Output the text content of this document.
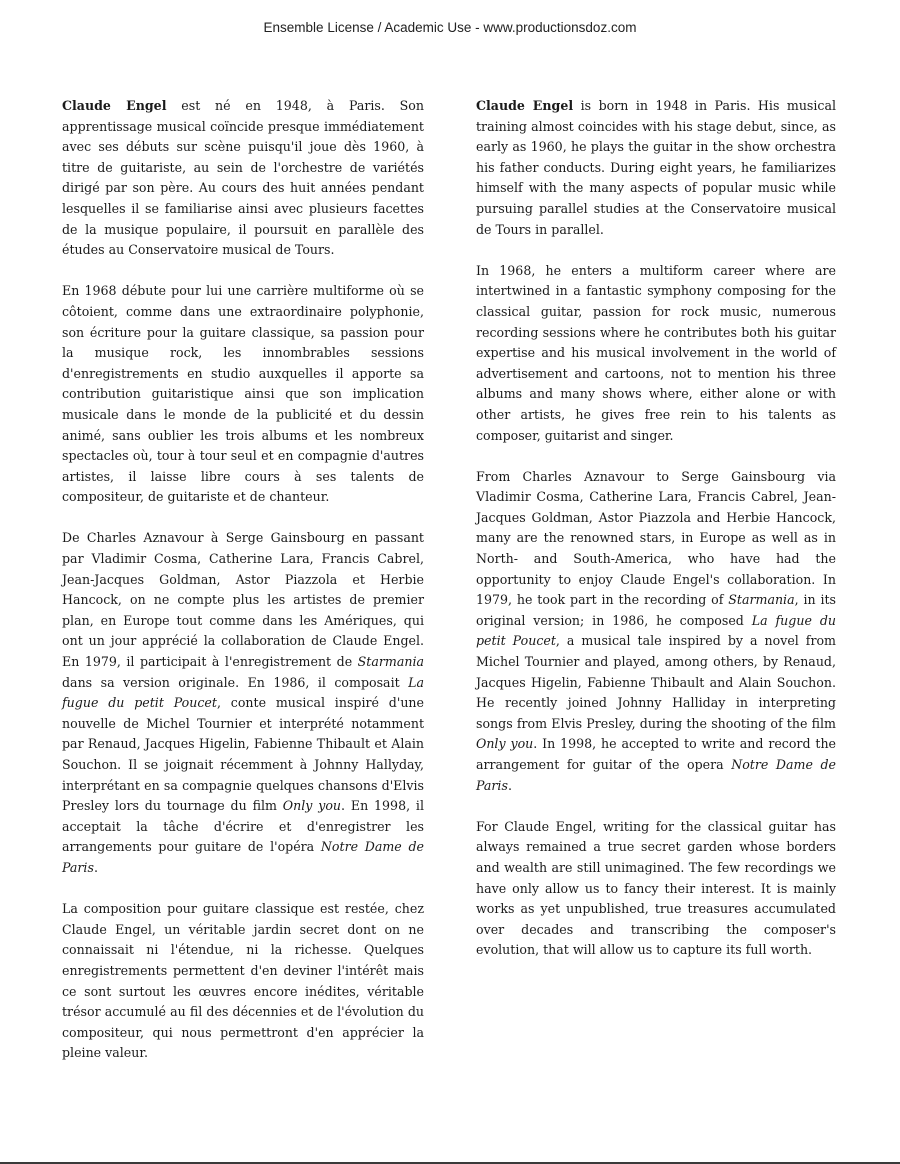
Ensemble License / Academic Use - www.productionsdoz.com

Claude Engel est né en 1948, à Paris. Son apprentissage musical coïncide presque immédiatement avec ses débuts sur scène puisqu'il joue dès 1960, à titre de guitariste, au sein de l'orchestre de variétés dirigé par son père. Au cours des huit années pendant lesquelles il se familiarise ainsi avec plusieurs facettes de la musique populaire, il poursuit en parallèle des études au Conservatoire musical de Tours.

En 1968 débute pour lui une carrière multiforme où se côtoient, comme dans une extraordinaire polyphonie, son écriture pour la guitare classique, sa passion pour la musique rock, les innombrables sessions d'enregistrements en studio auxquelles il apporte sa contribution guitaristique ainsi que son implication musicale dans le monde de la publicité et du dessin animé, sans oublier les trois albums et les nombreux spectacles où, tour à tour seul et en compagnie d'autres artistes, il laisse libre cours à ses talents de compositeur, de guitariste et de chanteur.

De Charles Aznavour à Serge Gainsbourg en passant par Vladimir Cosma, Catherine Lara, Francis Cabrel, Jean-Jacques Goldman, Astor Piazzola et Herbie Hancock, on ne compte plus les artistes de premier plan, en Europe tout comme dans les Amériques, qui ont un jour apprécié la collaboration de Claude Engel. En 1979, il participait à l'enregistrement de Starmania dans sa version originale. En 1986, il composait La fugue du petit Poucet, conte musical inspiré d'une nouvelle de Michel Tournier et interprété notamment par Renaud, Jacques Higelin, Fabienne Thibault et Alain Souchon. Il se joignait récemment à Johnny Hallyday, interprétant en sa compagnie quelques chansons d'Elvis Presley lors du tournage du film Only you. En 1998, il acceptait la tâche d'écrire et d'enregistrer les arrangements pour guitare de l'opéra Notre Dame de Paris.

La composition pour guitare classique est restée, chez Claude Engel, un véritable jardin secret dont on ne connaissait ni l'étendue, ni la richesse. Quelques enregistrements permettent d'en deviner l'intérêt mais ce sont surtout les œuvres encore inédites, véritable trésor accumulé au fil des décennies et de l'évolution du compositeur, qui nous permettront d'en apprécier la pleine valeur.

Claude Engel is born in 1948 in Paris. His musical training almost coincides with his stage debut, since, as early as 1960, he plays the guitar in the show orchestra his father conducts. During eight years, he familiarizes himself with the many aspects of popular music while pursuing parallel studies at the Conservatoire musical de Tours in parallel.

In 1968, he enters a multiform career where are intertwined in a fantastic symphony composing for the classical guitar, passion for rock music, numerous recording sessions where he contributes both his guitar expertise and his musical involvement in the world of advertisement and cartoons, not to mention his three albums and many shows where, either alone or with other artists, he gives free rein to his talents as composer, guitarist and singer.

From Charles Aznavour to Serge Gainsbourg via Vladimir Cosma, Catherine Lara, Francis Cabrel, Jean-Jacques Goldman, Astor Piazzola and Herbie Hancock, many are the renowned stars, in Europe as well as in North- and South-America, who have had the opportunity to enjoy Claude Engel's collaboration. In 1979, he took part in the recording of Starmania, in its original version; in 1986, he composed La fugue du petit Poucet, a musical tale inspired by a novel from Michel Tournier and played, among others, by Renaud, Jacques Higelin, Fabienne Thibault and Alain Souchon. He recently joined Johnny Halliday in interpreting songs from Elvis Presley, during the shooting of the film Only you. In 1998, he accepted to write and record the arrangement for guitar of the opera Notre Dame de Paris.

For Claude Engel, writing for the classical guitar has always remained a true secret garden whose borders and wealth are still unimagined. The few recordings we have only allow us to fancy their interest. It is mainly works as yet unpublished, true treasures accumulated over decades and transcribing the composer's evolution, that will allow us to capture its full worth.
